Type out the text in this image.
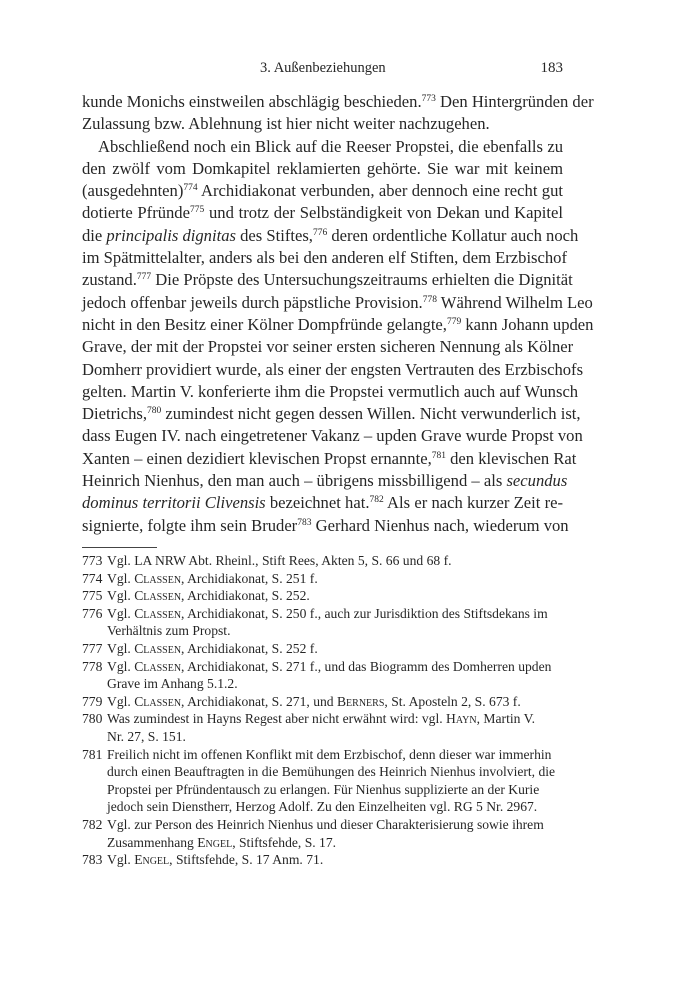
3. Außenbeziehungen	183
kunde Monichs einstweilen abschlägig beschieden.$^{773}$ Den Hintergründen der
Zulassung bzw. Ablehnung ist hier nicht weiter nachzugehen.
Abschließend noch ein Blick auf die Reeser Propstei, die ebenfalls zu
den zwölf vom Domkapitel reklamierten gehörte. Sie war mit keinem
(ausgedehnten)$^{774}$ Archidiakonat verbunden, aber dennoch eine recht gut
dotierte Pfründe$^{775}$ und trotz der Selbständigkeit von Dekan und Kapitel
die principalis dignitas des Stiftes,$^{776}$ deren ordentliche Kollatur auch noch
im Spätmittelalter, anders als bei den anderen elf Stiften, dem Erzbischof
zustand.$^{777}$ Die Pröpste des Untersuchungszeitraums erhielten die Dignität
jedoch offenbar jeweils durch päpstliche Provision.$^{778}$ Während Wilhelm Leo
nicht in den Besitz einer Kölner Dompfründe gelangte,$^{779}$ kann Johann upden
Grave, der mit der Propstei vor seiner ersten sicheren Nennung als Kölner
Domherr providiert wurde, als einer der engsten Vertrauten des Erzbischofs
gelten. Martin V. konferierte ihm die Propstei vermutlich auch auf Wunsch
Dietrichs,$^{780}$ zumindest nicht gegen dessen Willen. Nicht verwunderlich ist,
dass Eugen IV. nach eingetretener Vakanz – upden Grave wurde Propst von
Xanten – einen dezidiert klevischen Propst ernannte,$^{781}$ den klevischen Rat
Heinrich Nienhus, den man auch – übrigens missbilligend – als secundus
dominus territorii Clivensis bezeichnet hat.$^{782}$ Als er nach kurzer Zeit re-
signierte, folgte ihm sein Bruder$^{783}$ Gerhard Nienhus nach, wiederum von
773 Vgl. LA NRW Abt. Rheinl., Stift Rees, Akten 5, S. 66 und 68 f.
774 Vgl. Classen, Archidiakonat, S. 251 f.
775 Vgl. Classen, Archidiakonat, S. 252.
776 Vgl. Classen, Archidiakonat, S. 250 f., auch zur Jurisdiktion des Stiftsdekans im
Verhältnis zum Propst.
777 Vgl. Classen, Archidiakonat, S. 252 f.
778 Vgl. Classen, Archidiakonat, S. 271 f., und das Biogramm des Domherren upden
Grave im Anhang 5.1.2.
779 Vgl. Classen, Archidiakonat, S. 271, und Berners, St. Aposteln 2, S. 673 f.
780 Was zumindest in Hayns Regest aber nicht erwähnt wird: vgl. Hayn, Martin V.
Nr. 27, S. 151.
781 Freilich nicht im offenen Konflikt mit dem Erzbischof, denn dieser war immerhin
durch einen Beauftragten in die Bemühungen des Heinrich Nienhus involviert, die
Propstei per Pfründentausch zu erlangen. Für Nienhus supplizierte an der Kurie
jedoch sein Dienstherr, Herzog Adolf. Zu den Einzelheiten vgl. RG 5 Nr. 2967.
782 Vgl. zur Person des Heinrich Nienhus und dieser Charakterisierung sowie ihrem
Zusammenhang Engel, Stiftsfehde, S. 17.
783 Vgl. Engel, Stiftsfehde, S. 17 Anm. 71.
